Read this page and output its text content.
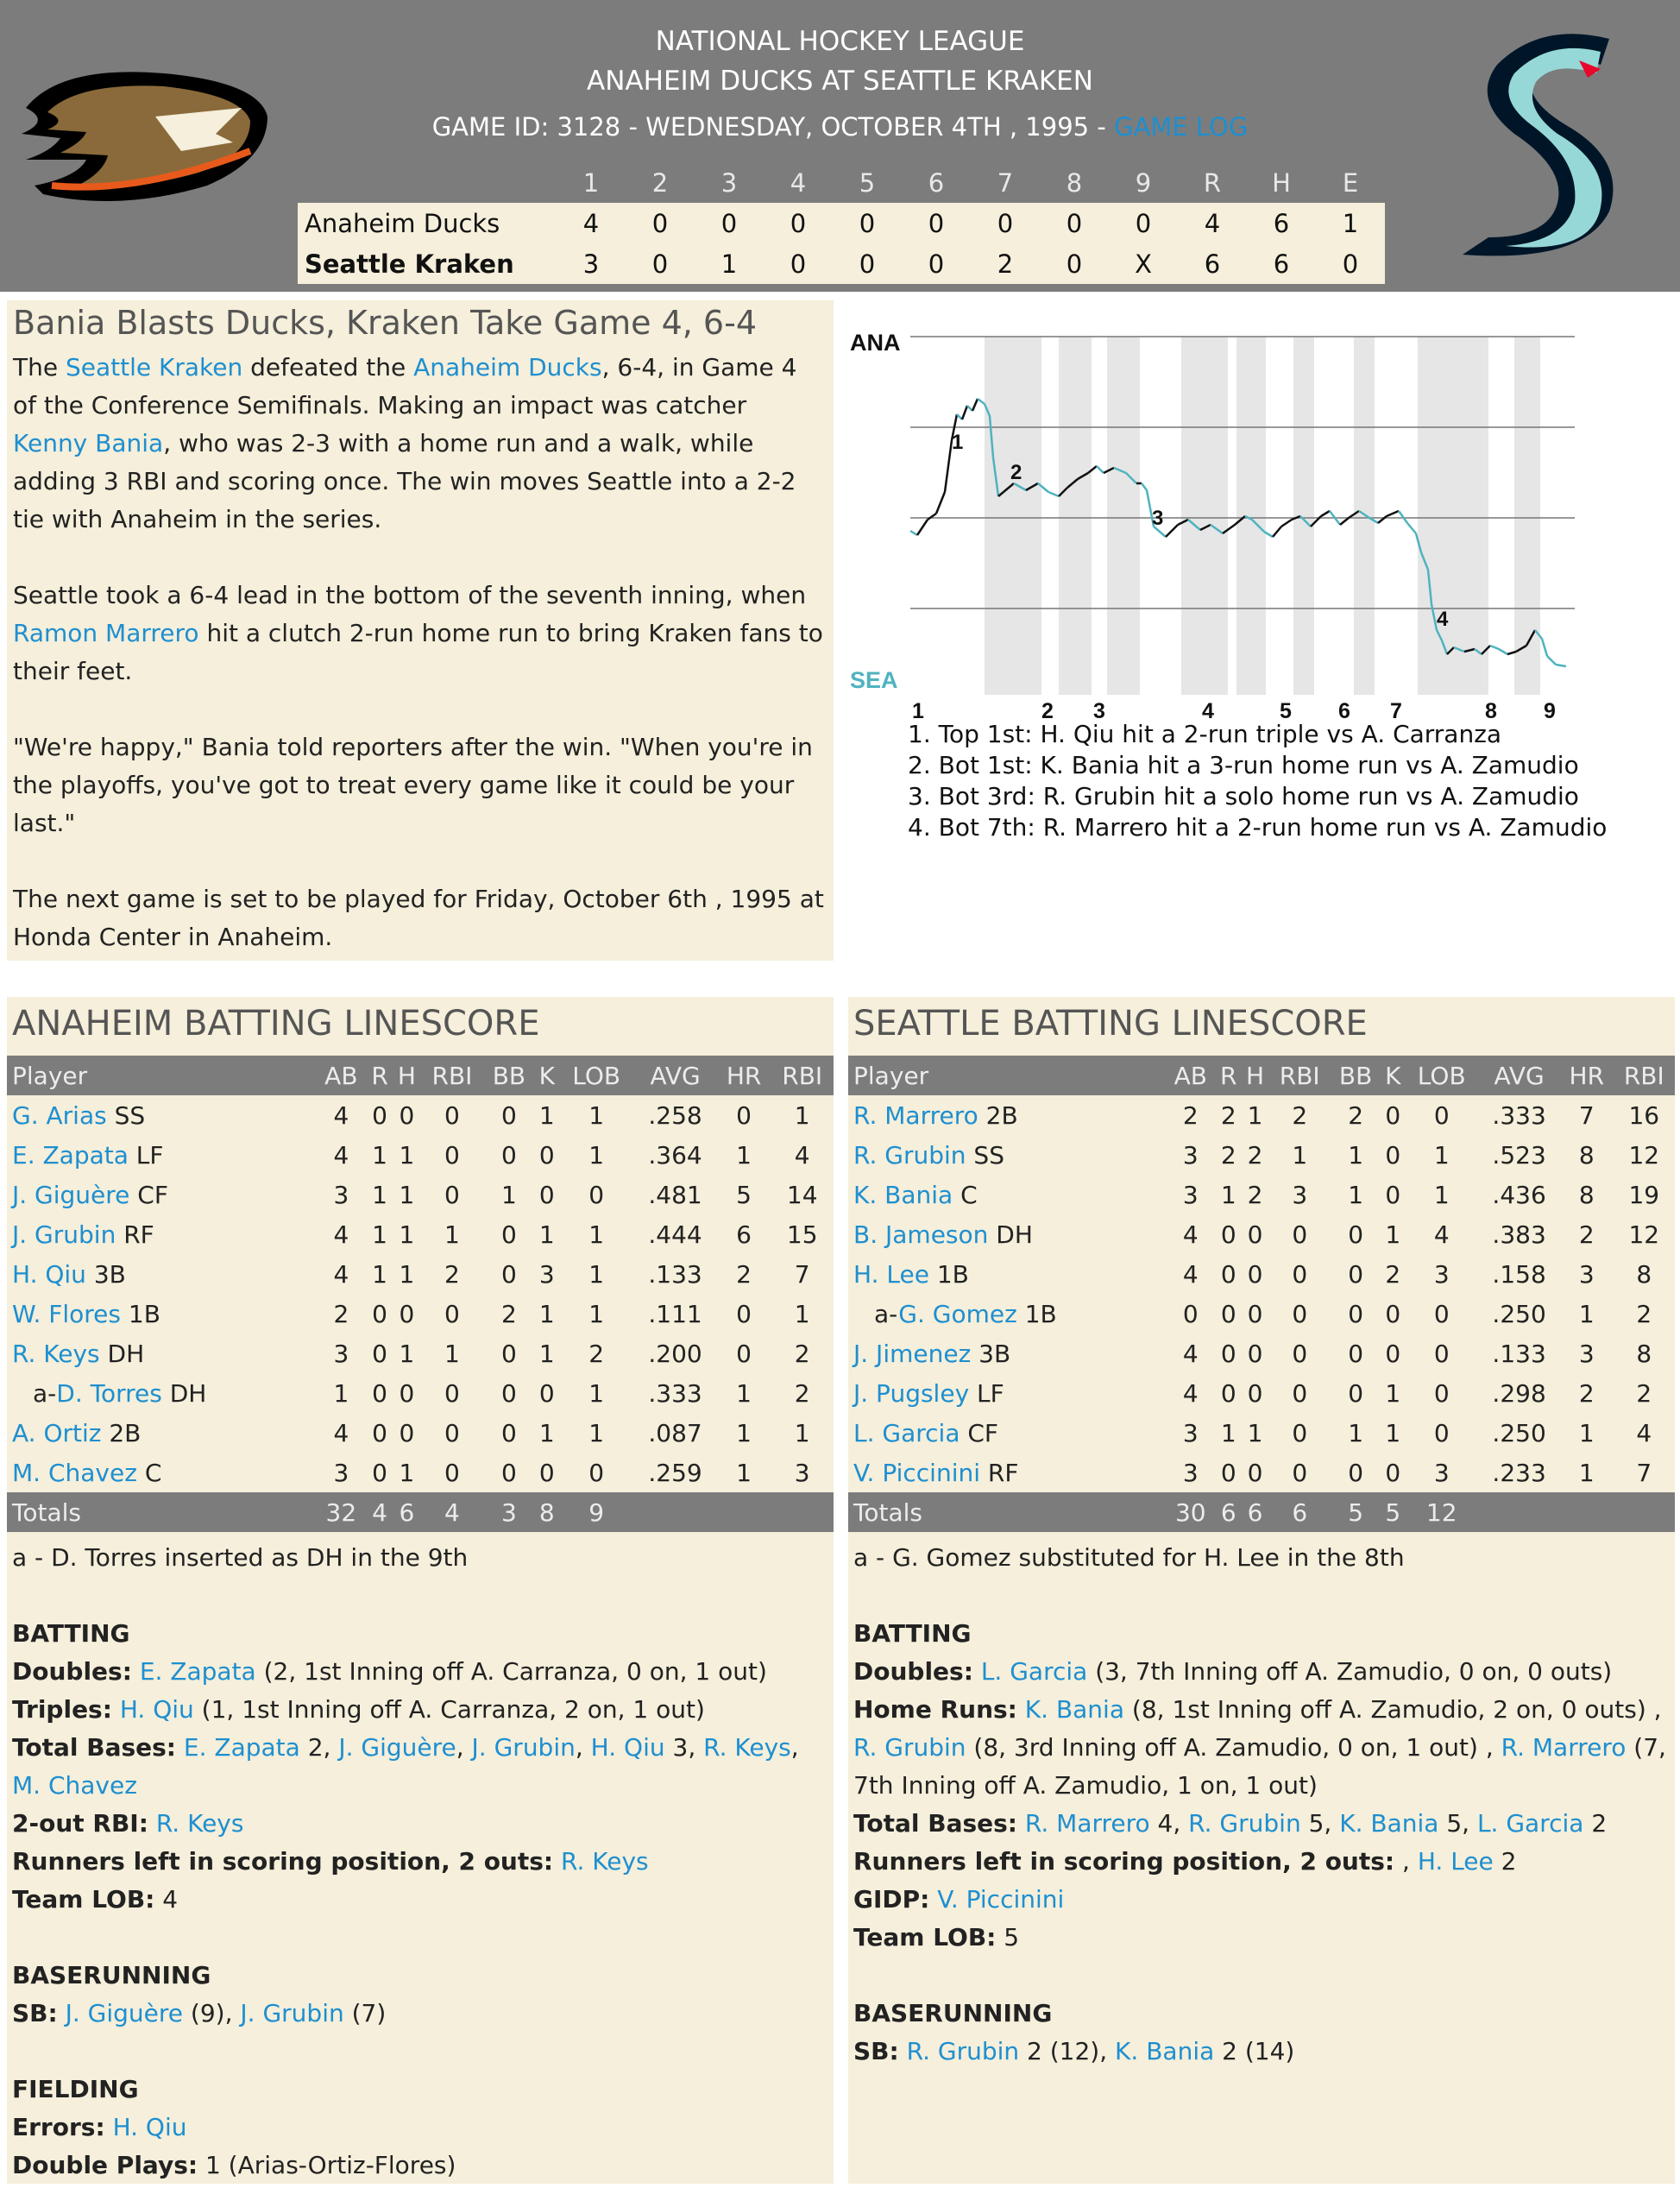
NATIONAL HOCKEY LEAGUE
ANAHEIM DUCKS AT SEATTLE KRAKEN
GAME ID: 3128 - WEDNESDAY, OCTOBER 4TH , 1995 - GAME LOG
	1	2	3	4	5	6	7	8	9	R	H	E
Anaheim Ducks	4	0	0	0	0	0	0	0	0	4	6	1
Seattle Kraken	3	0	1	0	0	0	2	0	X	6	6	0
Bania Blasts Ducks, Kraken Take Game 4, 6-4

The Seattle Kraken defeated the Anaheim Ducks, 6-4, in Game 4 of the Conference Semifinals. Making an impact was catcher Kenny Bania, who was 2-3 with a home run and a walk, while adding 3 RBI and scoring once. The win moves Seattle into a 2-2 tie with Anaheim in the series.

Seattle took a 6-4 lead in the bottom of the seventh inning, when Ramon Marrero hit a clutch 2-run home run to bring Kraken fans to their feet.

"We're happy," Bania told reporters after the win. "When you're in the playoffs, you've got to treat every game like it could be your last."

The next game is set to be played for Friday, October 6th , 1995 at Honda Center in Anaheim.

ANA
SEA
1
2
3
4
1	2 3	4	5 6 7	8 9
1. Top 1st: H. Qiu hit a 2-run triple vs A. Carranza
2. Bot 1st: K. Bania hit a 3-run home run vs A. Zamudio
3. Bot 3rd: R. Grubin hit a solo home run vs A. Zamudio
4. Bot 7th: R. Marrero hit a 2-run home run vs A. Zamudio
ANAHEIM BATTING LINESCORE
Player	AB	R	H	RBI	BB	K	LOB	AVG	HR	RBI
G. Arias SS	4	0	0	0	0	1	1	.258	0	1
E. Zapata LF	4	1	1	0	0	0	1	.364	1	4
J. Giguère CF	3	1	1	0	1	0	0	.481	5	14
J. Grubin RF	4	1	1	1	0	1	1	.444	6	15
H. Qiu 3B	4	1	1	2	0	3	1	.133	2	7
W. Flores 1B	2	0	0	0	2	1	1	.111	0	1
R. Keys DH	3	0	1	1	0	1	2	.200	0	2
a-D. Torres DH	1	0	0	0	0	0	1	.333	1	2
A. Ortiz 2B	4	0	0	0	0	1	1	.087	1	1
M. Chavez C	3	0	1	0	0	0	0	.259	1	3
Totals	32	4	6	4	3	8	9			
a - D. Torres inserted as DH in the 9th
BATTING
Doubles: E. Zapata (2, 1st Inning off A. Carranza, 0 on, 1 out)
Triples: H. Qiu (1, 1st Inning off A. Carranza, 2 on, 1 out)
Total Bases: E. Zapata 2, J. Giguère, J. Grubin, H. Qiu 3, R. Keys, M. Chavez
2-out RBI: R. Keys
Runners left in scoring position, 2 outs: R. Keys
Team LOB: 4
BASERUNNING
SB: J. Giguère (9), J. Grubin (7)
FIELDING
Errors: H. Qiu
Double Plays: 1 (Arias-Ortiz-Flores)
SEATTLE BATTING LINESCORE
Player	AB	R	H	RBI	BB	K	LOB	AVG	HR	RBI
R. Marrero 2B	2	2	1	2	2	0	0	.333	7	16
R. Grubin SS	3	2	2	1	1	0	1	.523	8	12
K. Bania C	3	1	2	3	1	0	1	.436	8	19
B. Jameson DH	4	0	0	0	0	1	4	.383	2	12
H. Lee 1B	4	0	0	0	0	2	3	.158	3	8
a-G. Gomez 1B	0	0	0	0	0	0	0	.250	1	2
J. Jimenez 3B	4	0	0	0	0	0	0	.133	3	8
J. Pugsley LF	4	0	0	0	0	1	0	.298	2	2
L. Garcia CF	3	1	1	0	1	1	0	.250	1	4
V. Piccinini RF	3	0	0	0	0	0	3	.233	1	7
Totals	30	6	6	6	5	5	12			
a - G. Gomez substituted for H. Lee in the 8th
BATTING
Doubles: L. Garcia (3, 7th Inning off A. Zamudio, 0 on, 0 outs)
Home Runs: K. Bania (8, 1st Inning off A. Zamudio, 2 on, 0 outs) , R. Grubin (8, 3rd Inning off A. Zamudio, 0 on, 1 out) , R. Marrero (7, 7th Inning off A. Zamudio, 1 on, 1 out)
Total Bases: R. Marrero 4, R. Grubin 5, K. Bania 5, L. Garcia 2
Runners left in scoring position, 2 outs: , H. Lee 2
GIDP: V. Piccinini
Team LOB: 5
BASERUNNING
SB: R. Grubin 2 (12), K. Bania 2 (14)
